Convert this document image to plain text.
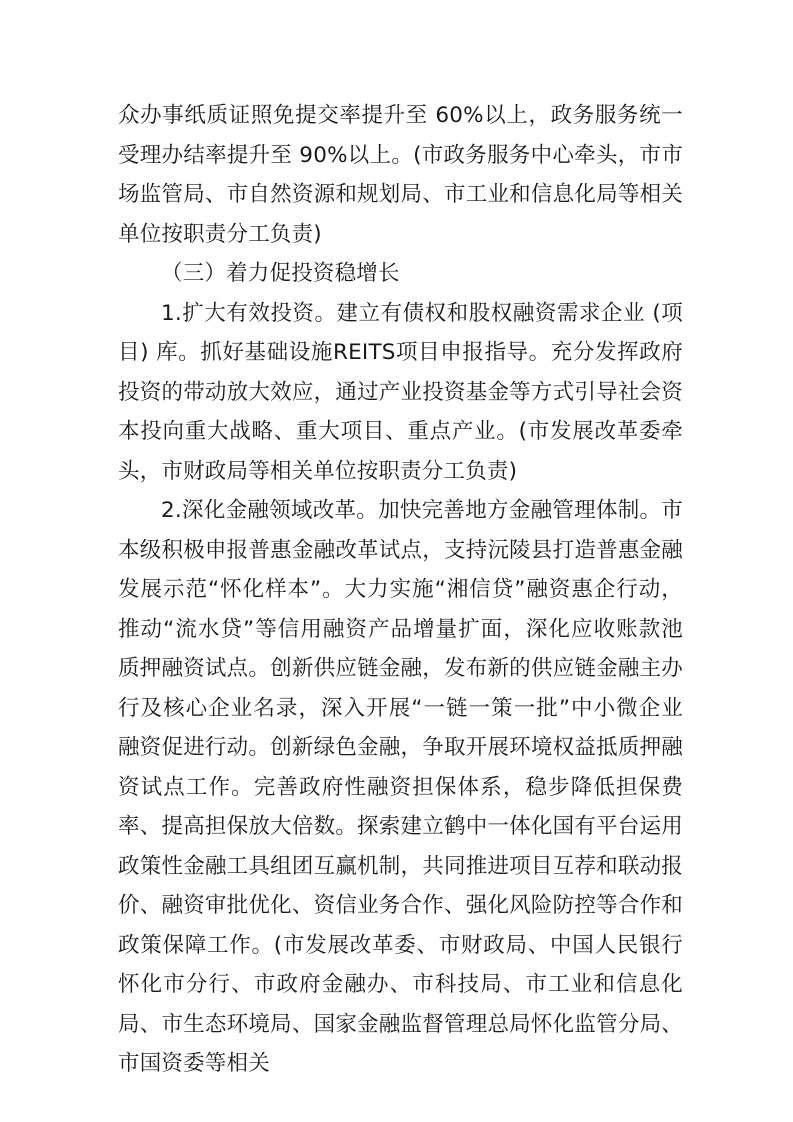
众办事纸质证照免提交率提升至 60%以上，政务服务统一受理办结率提升至 90%以上。(市政务服务中心牵头，市市场监管局、市自然资源和规划局、市工业和信息化局等相关单位按职责分工负责)

（三）着力促投资稳增长

1.扩大有效投资。建立有债权和股权融资需求企业 (项目) 库。抓好基础设施REITS项目申报指导。充分发挥政府投资的带动放大效应，通过产业投资基金等方式引导社会资本投向重大战略、重大项目、重点产业。(市发展改革委牵头，市财政局等相关单位按职责分工负责)

2.深化金融领域改革。加快完善地方金融管理体制。市本级积极申报普惠金融改革试点，支持沅陵县打造普惠金融发展示范“怀化样本”。大力实施“湘信贷”融资惠企行动，推动“流水贷”等信用融资产品增量扩面，深化应收账款池质押融资试点。创新供应链金融，发布新的供应链金融主办行及核心企业名录，深入开展“一链一策一批”中小微企业融资促进行动。创新绿色金融，争取开展环境权益抵质押融资试点工作。完善政府性融资担保体系，稳步降低担保费率、提高担保放大倍数。探索建立鹤中一体化国有平台运用政策性金融工具组团互赢机制，共同推进项目互荐和联动报价、融资审批优化、资信业务合作、强化风险防控等合作和政策保障工作。(市发展改革委、市财政局、中国人民银行怀化市分行、市政府金融办、市科技局、市工业和信息化局、市生态环境局、国家金融监督管理总局怀化监管分局、市国资委等相关
